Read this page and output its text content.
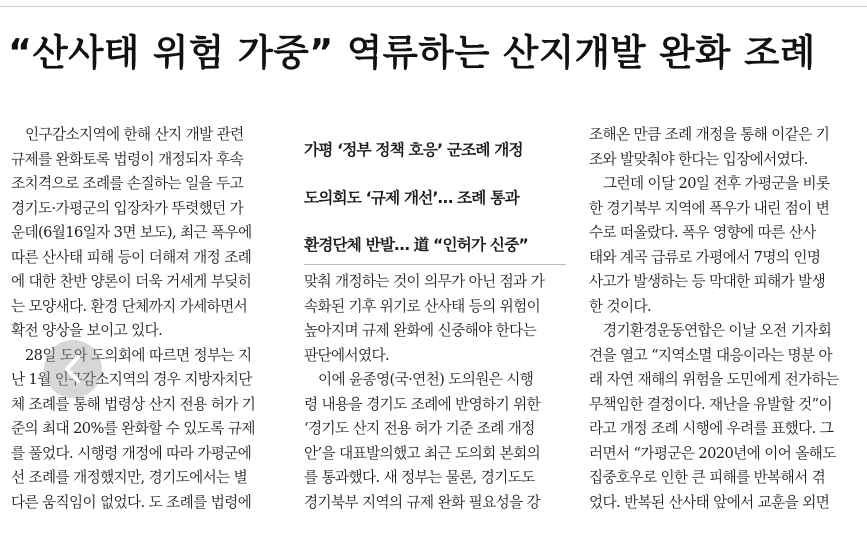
“산사태 위험 가중” 역류하는 산지개발 완화 조례
　인구감소지역에 한해 산지 개발 관련
규제를 완화토록 법령이 개정되자 후속
조치격으로 조례를 손질하는 일을 두고
경기도·가평군의 입장차가 뚜렷했던 가
운데(6월16일자 3면 보도), 최근 폭우에
따른 산사태 피해 등이 더해져 개정 조례
에 대한 찬반 양론이 더욱 거세게 부딪히
는 모양새다. 환경 단체까지 가세하면서
확전 양상을 보이고 있다.
　28일 도와 도의회에 따르면 정부는 지
난 1월 인구감소지역의 경우 지방자치단
체 조례를 통해 법령상 산지 전용 허가 기
준의 최대 20%를 완화할 수 있도록 규제
를 풀었다. 시행령 개정에 따라 가평군에
선 조례를 개정했지만, 경기도에서는 별
다른 움직임이 없었다. 도 조례를 법령에
가평 ‘정부 정책 호응’ 군조례 개정
도의회도 ‘규제 개선’… 조례 통과
환경단체 반발… 道 “인허가 신중”
맞춰 개정하는 것이 의무가 아닌 점과 가
속화된 기후 위기로 산사태 등의 위험이
높아지며 규제 완화에 신중해야 한다는
판단에서였다.
　이에 윤종영(국·연천) 도의원은 시행
령 내용을 경기도 조례에 반영하기 위한
‘경기도 산지 전용 허가 기준 조례 개정
안’을 대표발의했고 최근 도의회 본회의
를 통과했다. 새 정부는 물론, 경기도도
경기북부 지역의 규제 완화 필요성을 강
조해온 만큼 조례 개정을 통해 이같은 기
조와 발맞춰야 한다는 입장에서였다.
　그런데 이달 20일 전후 가평군을 비롯
한 경기북부 지역에 폭우가 내린 점이 변
수로 떠올랐다. 폭우 영향에 따른 산사
태와 계곡 급류로 가평에서 7명의 인명
사고가 발생하는 등 막대한 피해가 발생
한 것이다.
　경기환경운동연합은 이날 오전 기자회
견을 열고 “지역소멸 대응이라는 명분 아
래 자연 재해의 위험을 도민에게 전가하는
무책임한 결정이다. 재난을 유발할 것”이
라고 개정 조례 시행에 우려를 표했다. 그
러면서 “가평군은 2020년에 이어 올해도
집중호우로 인한 큰 피해를 반복해서 겪
었다. 반복된 산사태 앞에서 교훈을 외면
